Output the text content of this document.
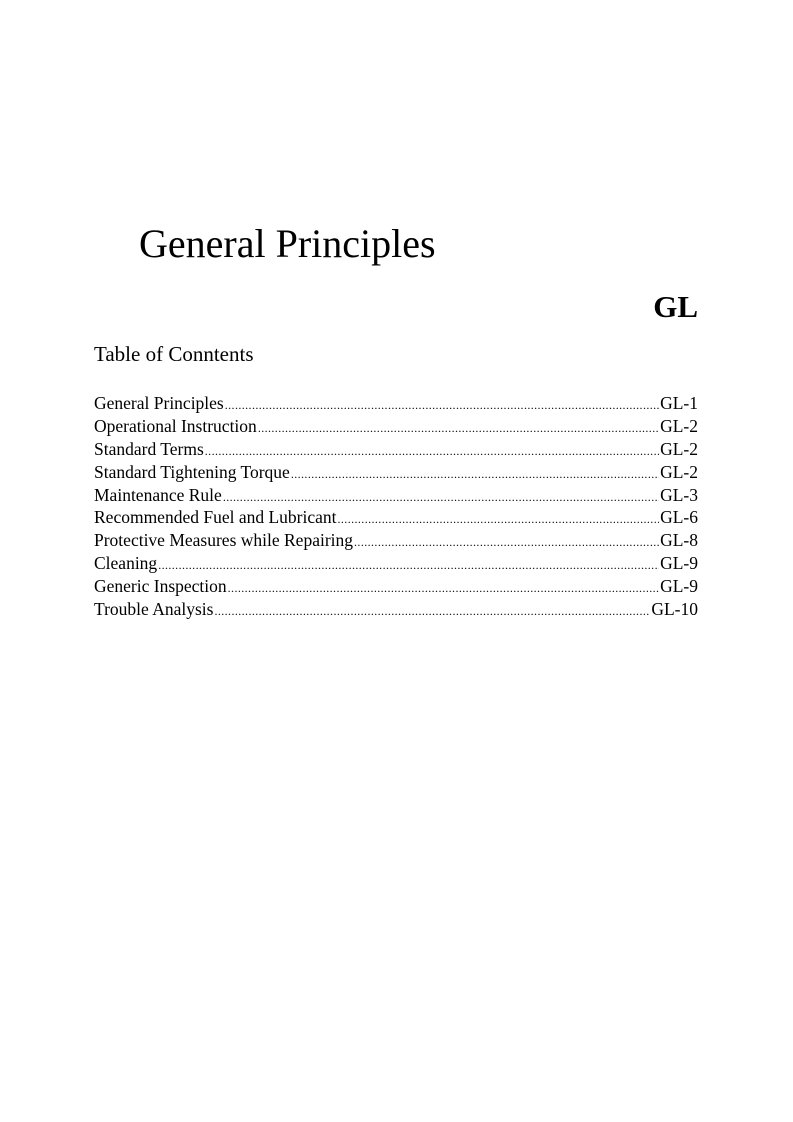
General Principles
GL
Table of Conntents
General Principles .....	GL-1
Operational Instruction .....	GL-2
Standard Terms .....	GL-2
Standard Tightening Torque .....	GL-2
Maintenance Rule .....	GL-3
Recommended Fuel and Lubricant .....	GL-6
Protective Measures while Repairing .....	GL-8
Cleaning .....	GL-9
Generic Inspection .....	GL-9
Trouble Analysis .....	GL-10
